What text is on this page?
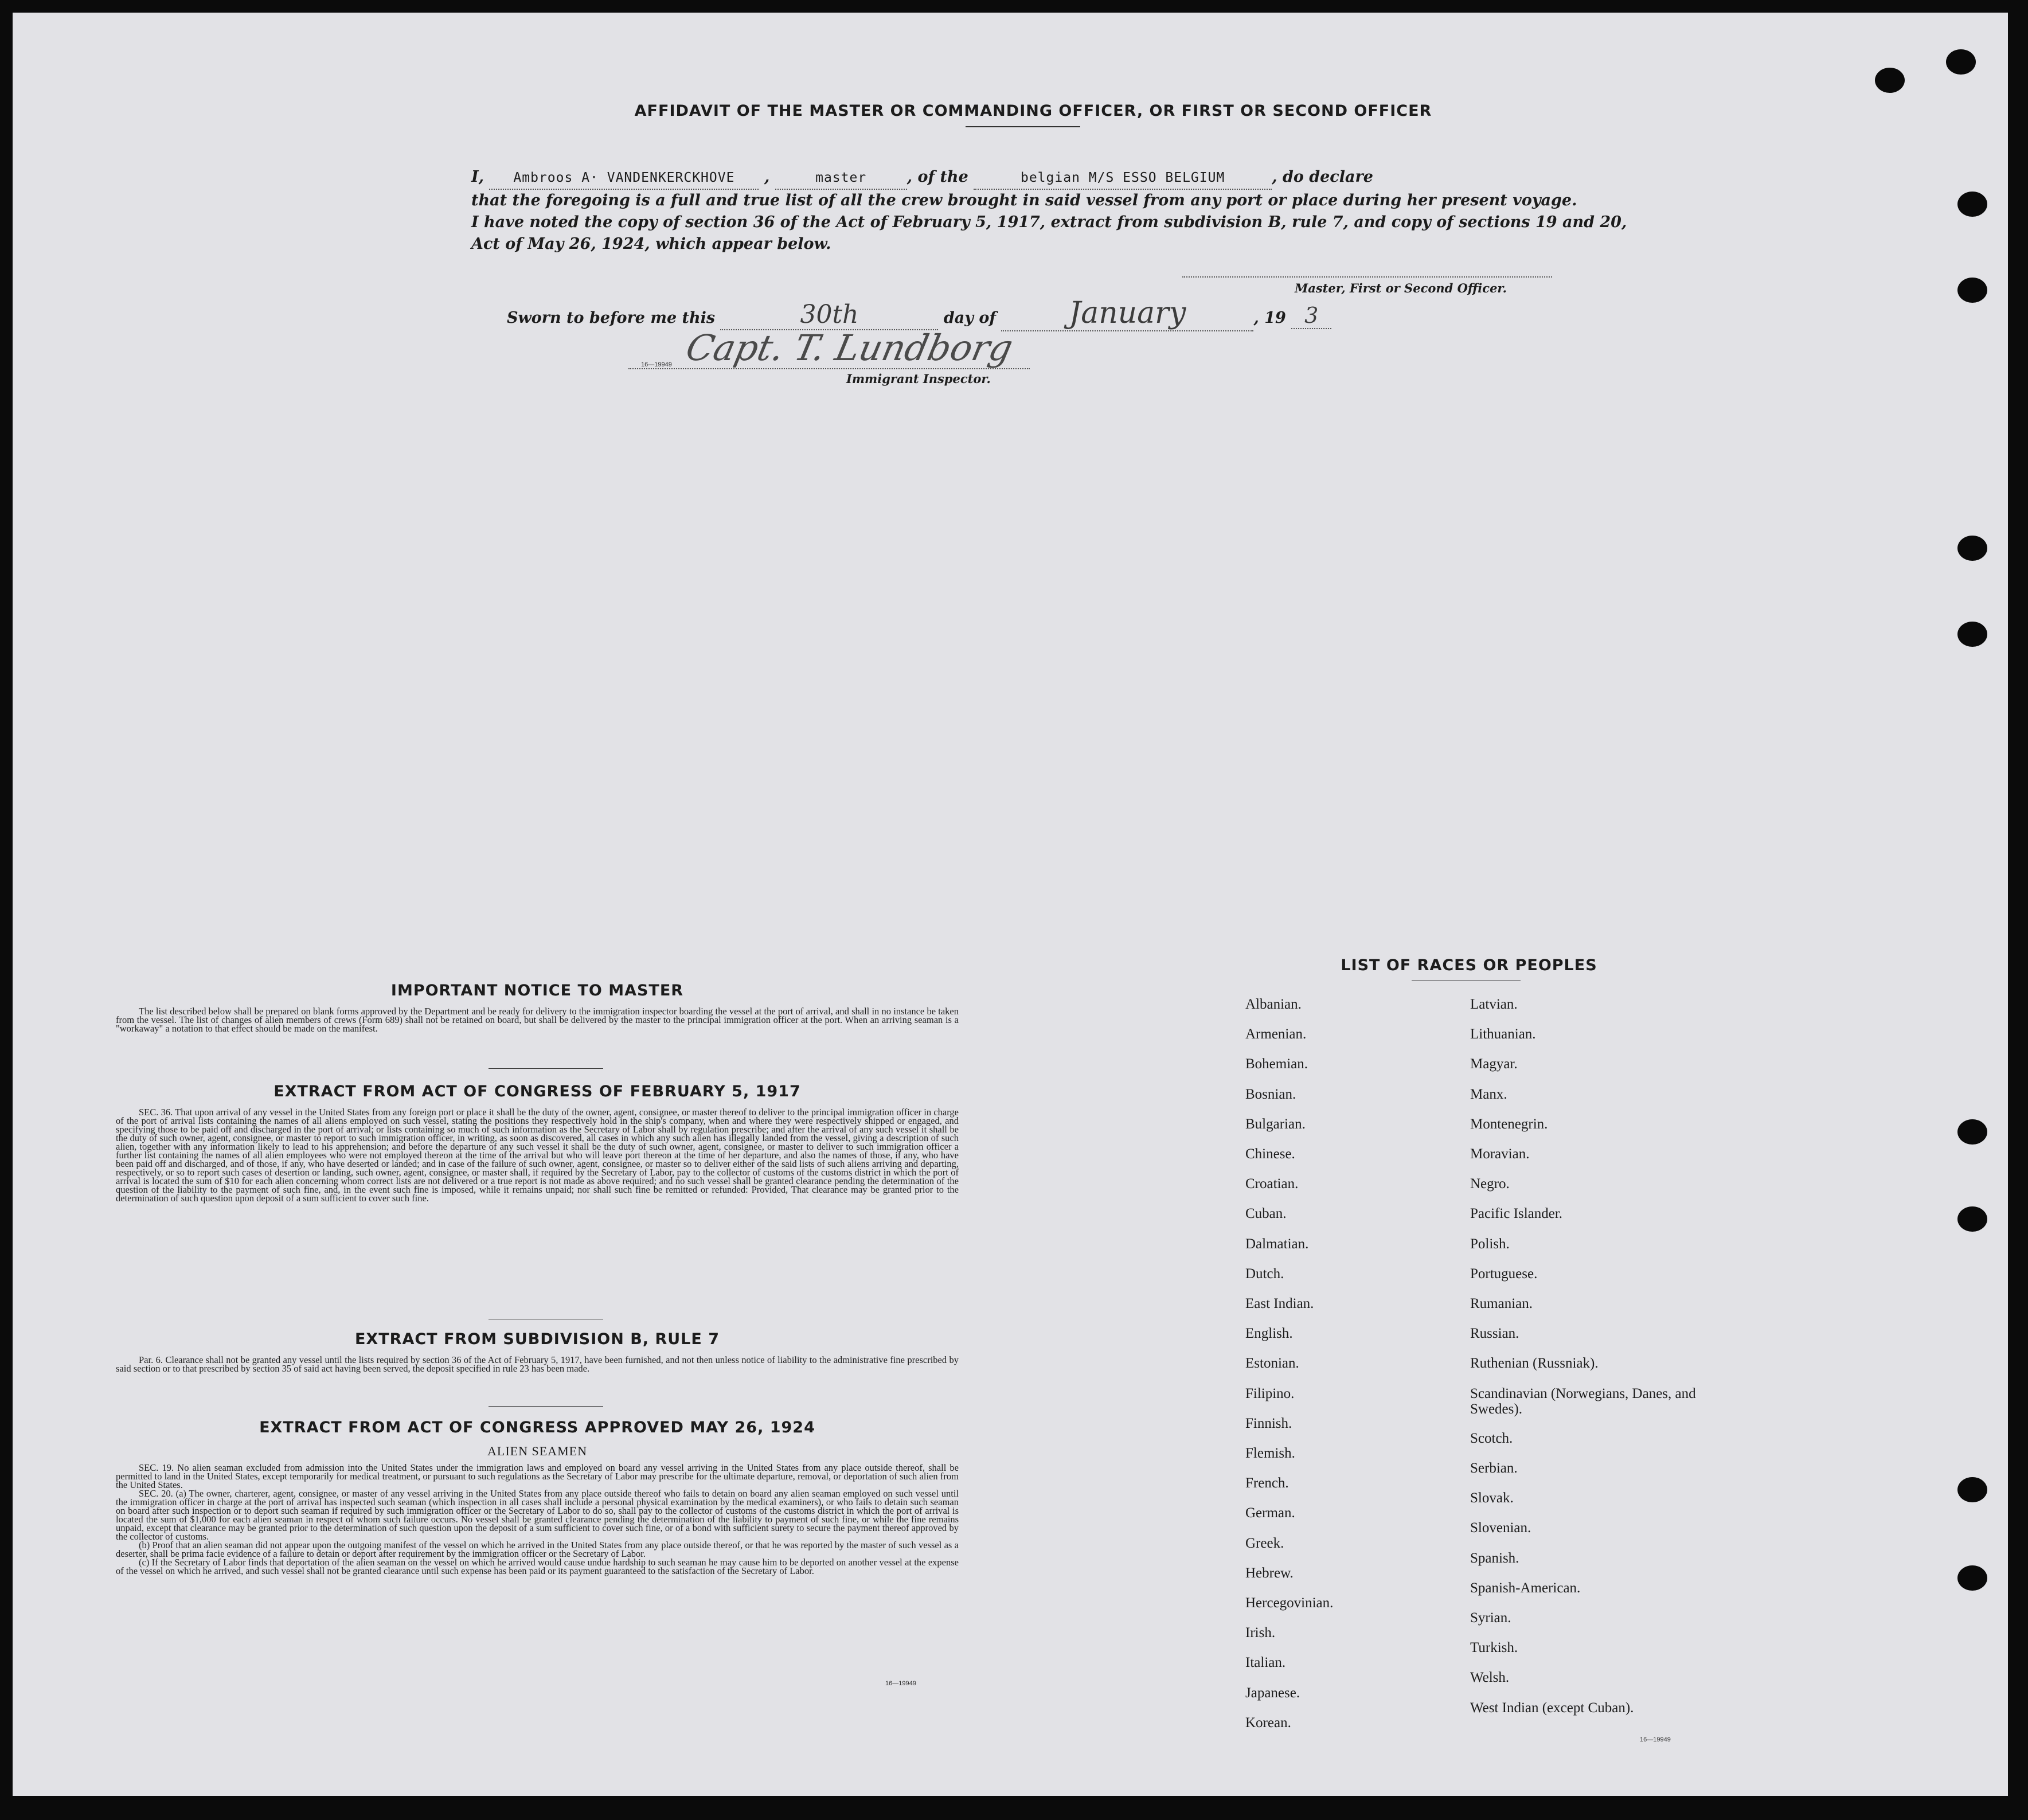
AFFIDAVIT OF THE MASTER OR COMMANDING OFFICER, OR FIRST OR SECOND OFFICER
I, Ambroos A· VANDENKERCKHOVE ,	master	, of the	belgian M/S ESSO BELGIUM	, do declare
that the foregoing is a full and true list of all the crew brought in said vessel from any port or place during her present voyage.
I have noted the copy of section 36 of the Act of February 5, 1917, extract from subdivision B, rule 7, and copy of sections 19 and 20,
Act of May 26, 1924, which appear below.
Master, First or Second Officer.
Sworn to before me this	30th	day of January	, 19 3
Capt. T. Lundborg
16—19949
Immigrant Inspector.
IMPORTANT NOTICE TO MASTER

The list described below shall be prepared on blank forms approved by the Department and be ready for delivery to the immigration inspector boarding the vessel at the port of arrival, and shall in no instance be taken from the vessel. The list of changes of alien members of crews (Form 689) shall not be retained on board, but shall be delivered by the master to the principal immigration officer at the port. When an arriving seaman is a "workaway" a notation to that effect should be made on the manifest.

EXTRACT FROM ACT OF CONGRESS OF FEBRUARY 5, 1917

SEC. 36. That upon arrival of any vessel in the United States from any foreign port or place it shall be the duty of the owner, agent, consignee, or master thereof to deliver to the principal immigration officer in charge of the port of arrival lists containing the names of all aliens employed on such vessel, stating the positions they respectively hold in the ship's company, when and where they were respectively shipped or engaged, and specifying those to be paid off and discharged in the port of arrival; or lists containing so much of such information as the Secretary of Labor shall by regulation prescribe; and after the arrival of any such vessel it shall be the duty of such owner, agent, consignee, or master to report to such immigration officer, in writing, as soon as discovered, all cases in which any such alien has illegally landed from the vessel, giving a description of such alien, together with any information likely to lead to his apprehension; and before the departure of any such vessel it shall be the duty of such owner, agent, consignee, or master to deliver to such immigration officer a further list containing the names of all alien employees who were not employed thereon at the time of the arrival but who will leave port thereon at the time of her departure, and also the names of those, if any, who have been paid off and discharged, and of those, if any, who have deserted or landed; and in case of the failure of such owner, agent, consignee, or master so to deliver either of the said lists of such aliens arriving and departing, respectively, or so to report such cases of desertion or landing, such owner, agent, consignee, or master shall, if required by the Secretary of Labor, pay to the collector of customs of the customs district in which the port of arrival is located the sum of $10 for each alien concerning whom correct lists are not delivered or a true report is not made as above required; and no such vessel shall be granted clearance pending the determination of the question of the liability to the payment of such fine, and, in the event such fine is imposed, while it remains unpaid; nor shall such fine be remitted or refunded: Provided, That clearance may be granted prior to the determination of such question upon deposit of a sum sufficient to cover such fine.

EXTRACT FROM SUBDIVISION B, RULE 7

Par. 6. Clearance shall not be granted any vessel until the lists required by section 36 of the Act of February 5, 1917, have been furnished, and not then unless notice of liability to the administrative fine prescribed by said section or to that prescribed by section 35 of said act having been served, the deposit specified in rule 23 has been made.

EXTRACT FROM ACT OF CONGRESS APPROVED MAY 26, 1924
ALIEN SEAMEN

SEC. 19. No alien seaman excluded from admission into the United States under the immigration laws and employed on board any vessel arriving in the United States from any place outside thereof, shall be permitted to land in the United States, except temporarily for medical treatment, or pursuant to such regulations as the Secretary of Labor may prescribe for the ultimate departure, removal, or deportation of such alien from the United States.

SEC. 20. (a) The owner, charterer, agent, consignee, or master of any vessel arriving in the United States from any place outside thereof who fails to detain on board any alien seaman employed on such vessel until the immigration officer in charge at the port of arrival has inspected such seaman (which inspection in all cases shall include a personal physical examination by the medical examiners), or who fails to detain such seaman on board after such inspection or to deport such seaman if required by such immigration officer or the Secretary of Labor to do so, shall pay to the collector of customs of the customs district in which the port of arrival is located the sum of $1,000 for each alien seaman in respect of whom such failure occurs. No vessel shall be granted clearance pending the determination of the liability to payment of such fine, or while the fine remains unpaid, except that clearance may be granted prior to the determination of such question upon the deposit of a sum sufficient to cover such fine, or of a bond with sufficient surety to secure the payment thereof approved by the collector of customs.

(b) Proof that an alien seaman did not appear upon the outgoing manifest of the vessel on which he arrived in the United States from any place outside thereof, or that he was reported by the master of such vessel as a deserter, shall be prima facie evidence of a failure to detain or deport after requirement by the immigration officer or the Secretary of Labor.

(c) If the Secretary of Labor finds that deportation of the alien seaman on the vessel on which he arrived would cause undue hardship to such seaman he may cause him to be deported on another vessel at the expense of the vessel on which he arrived, and such vessel shall not be granted clearance until such expense has been paid or its payment guaranteed to the satisfaction of the Secretary of Labor.

16—19949
LIST OF RACES OR PEOPLES
16—19949
Albanian.
Armenian.
Bohemian.
Bosnian.
Bulgarian.
Chinese.
Croatian.
Cuban.
Dalmatian.
Dutch.
East Indian.
English.
Estonian.
Filipino.
Finnish.
Flemish.
French.
German.
Greek.
Hebrew.
Hercegovinian.
Irish.
Italian.
Japanese.
Korean.
Latvian.
Lithuanian.
Magyar.
Manx.
Montenegrin.
Moravian.
Negro.
Pacific Islander.
Polish.
Portuguese.
Rumanian.
Russian.
Ruthenian (Russniak).
Scandinavian (Norwegians, Danes, and Swedes).
Scotch.
Serbian.
Slovak.
Slovenian.
Spanish.
Spanish-American.
Syrian.
Turkish.
Welsh.
West Indian (except Cuban).
